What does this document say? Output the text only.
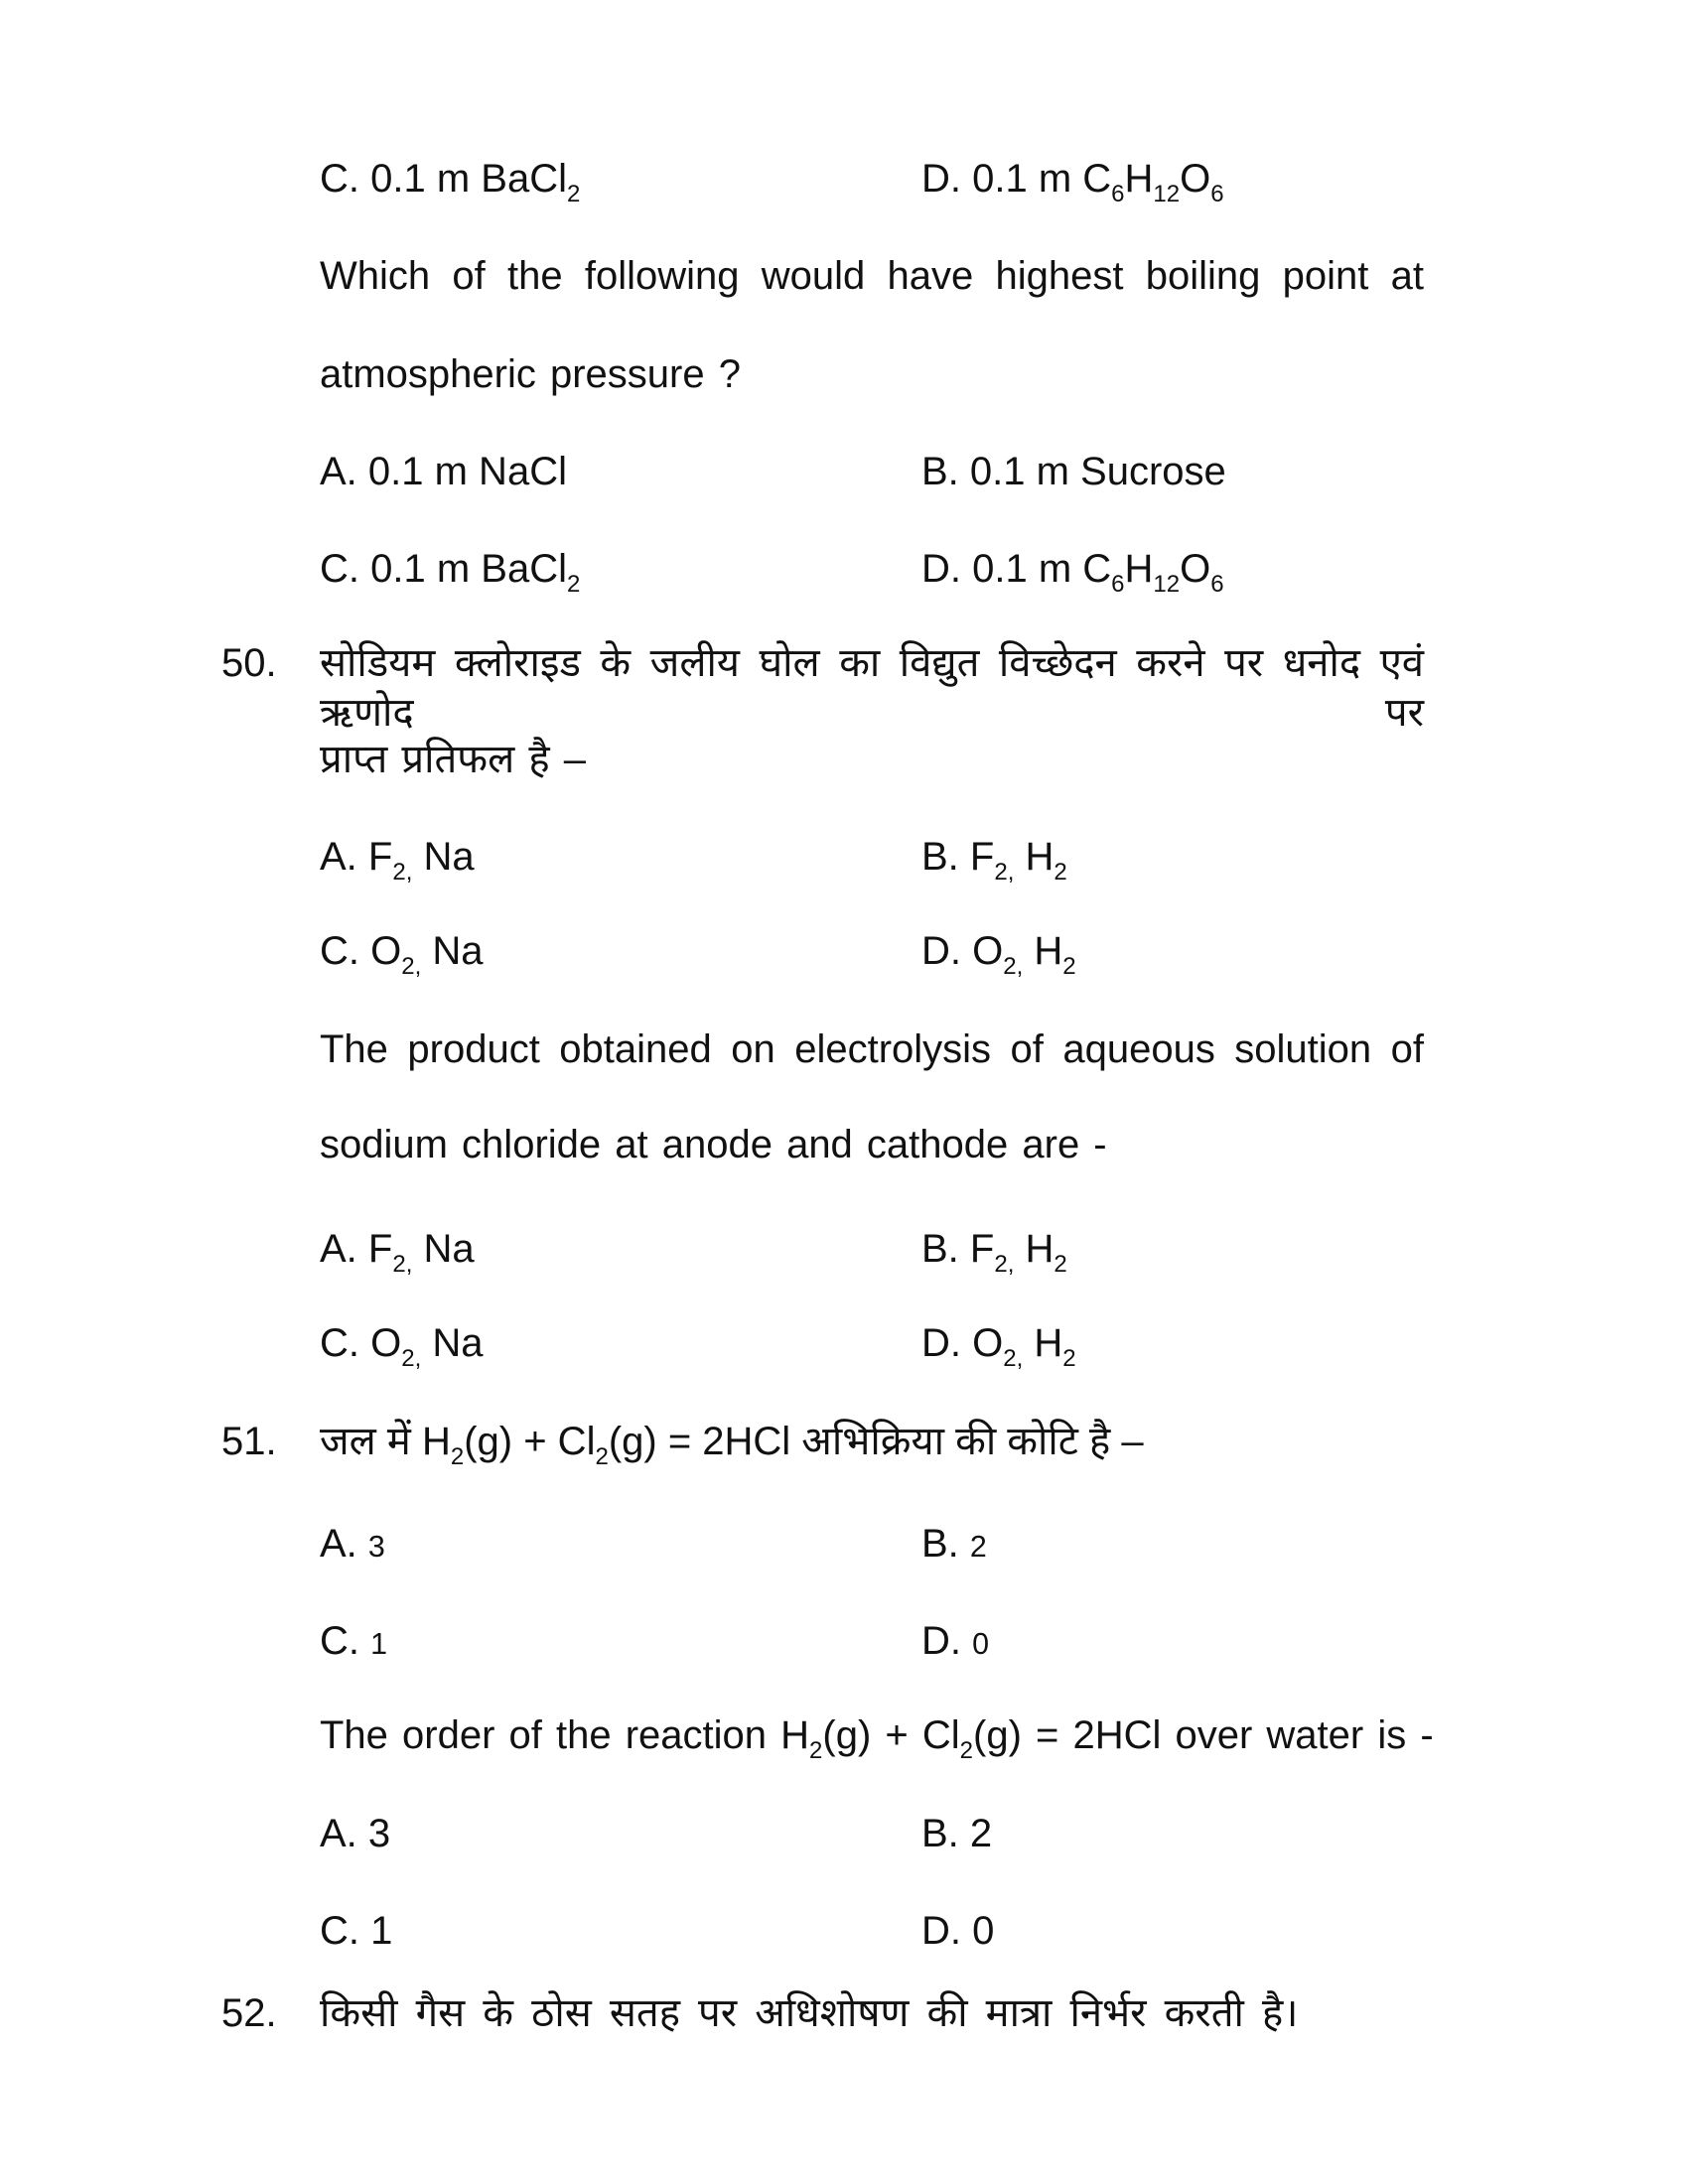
C. 0.1 m BaCl$_2$	D. 0.1 m $C_6H_{12}O_6$
Which of the following would have highest boiling point at
atmospheric pressure ?
A. 0.1 m NaCl	B. 0.1 m Sucrose
C. 0.1 m BaCl$_2$	D. 0.1 m $C_6H_{12}O_6$
50. सोडियम क्लोराइड के जलीय घोल का विद्युत विच्छेदन करने पर धनोद एवं ऋणोद पर
प्राप्त प्रतिफल है –
A. $F_{2,}$ Na	B. $F_{2,}$ $H_2$
C. $O_{2,}$ Na	D. $O_{2,}$ $H_2$
The product obtained on electrolysis of aqueous solution of
sodium chloride at anode and cathode are -
A. $F_{2,}$ Na	B. $F_{2,}$ $H_2$
C. $O_{2,}$ Na	D. $O_{2,}$ $H_2$
51. जल में $H_2(g) + Cl_2(g) = 2HCl$ अभिक्रिया की कोटि है –
A. 3	B. 2
C. 1	D. 0
The order of the reaction $H_2(g) + Cl_2(g) = 2HCl$ over water is -
A. 3	B. 2
C. 1	D. 0
52. किसी गैस के ठोस सतह पर अधिशोषण की मात्रा निर्भर करती है।
